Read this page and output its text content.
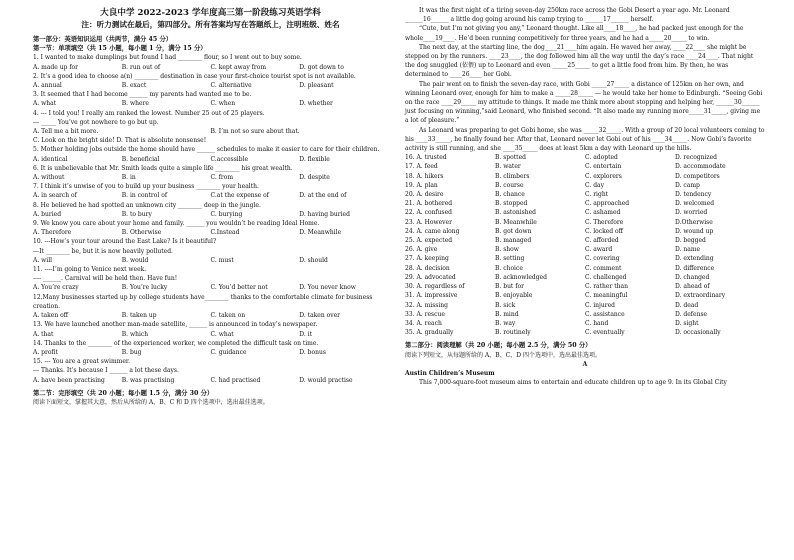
大良中学 2022-2023 学年度高三第一阶段练习英语学科
注：听力测试在最后，第四部分。所有答案均写在答题纸上，注明班级、姓名
第一部分：英语知识运用（共两节，满分 45 分）
第一节：单项填空（共 15 小题，每小题 1 分，满分 15 分）
1. I wanted to make dumplings but found I had ________ flour, so I went out to buy some.
A. made up for	B. run out of	C. kept away from	D. got down to
2. It’s a good idea to choose a(n) ________ destination in case your first-choice tourist spot is not available.
A. annual	B. exact	C. alternative	D. pleasant
3. It seemed that I had become ______ my parents had wanted me to be.
A. what	B. where	C. when	D. whether
4. --- I told you! I really am ranked the lowest. Number 25 out of 25 players.
--- _____ You’ve got nowhere to go but up.
A. Tell me a bit more.	B. I’m not so sure about that.
C. Look on the bright side! D. That is absolute nonsense!
5. Mother holding jobs outside the home should have ______ schedules to make it easier to care for their children.
A. identical	B. beneficial	C.accessible	D. flexible
6. It is unbelievable that Mr. Smith leads quite a simple life ________ his great wealth.
A. without	B. in	C. from	D. despite
7. I think it’s unwise of you to build up your business ________ your health.
A. in search of	B. in control of	C.at the expense of	D. at the end of
8. He believed he had spotted an unknown city ________ deep in the jungle.
A. buried	B. to bury	C. burying	D. having buried
9. We know you care about your home and family. ______ you wouldn’t be reading Ideal Home.
A. Therefore	B. Otherwise	C.Instead	D. Meanwhile
10. ---How’s your tour around the East Lake? Is it beautiful?
---It ________ be, but it is now heavily polluted.
A. will	B. would	C. must	D. should
11. ----I’m going to Venice next week.
---- ______. Carnival will be held then. Have fun!
A. You’re crazy	B. You’re lucky	C. You’d better not	D. You never know
12.Many businesses started up by college students have________ thanks to the comfortable climate for business creation.
A. taken off	B. taken up	C. taken on	D. taken over
13. We have launched another man-made satellite, ______ is announced in today’s newspaper.
A. that	B. which	C. what	D. it
14. Thanks to the ________ of the experienced worker, we completed the difficult task on time.
A. profit	B. bug	C. guidance	D. bonus
15. --- You are a great swimmer.
--- Thanks. It’s because I ______ a lot these days.
A. have been practising	B. was practising	C. had practised	D. would practise
第二节：完形填空（共 20 小题；每小题 1.5 分，满分 30 分）
阅读下面短文，掌握其大意，然后从所给的 A、B、C 和 D 四个选项中，选出最佳选项。
It was the first night of a tiring seven-day 250km race across the Gobi Desert a year ago. Mr. Leonard ______16______ a little dog going around his camp trying to ______17______ herself.
“Cute, but I’m not giving you any,” Leonard thought. Like all____18____, he had packed just enough for the whole____19____. He’d been running competitively for three years, and he had a_____20_____ to win.
The next day, at the starting line, the dog____21____him again. He waved her away, ____22____ she might be stepped on by the runners. ____23____, the dog followed him all the way until the day’s race ____24____. That night the dog snuggled (依偎) up to Leonard and even _____25_____ to get a little food from him. By then, he was determined to ____26____ her Gobi.
The pair went on to finish the seven-day race, with Gobi _____27_____ a distance of 125km on her own, and winning Leonard over, enough for him to make a _____28_____ — he would take her home to Edinburgh. “Seeing Gobi on the race ____29_____ my attitude to things. It made me think more about stopping and helping her, ______30______ just focusing on winning,”said Leonard, who finished second. “It also made my running more_____31_____, giving me a lot of pleasure.”
As Leonard was preparing to get Gobi home, she was _____32_____. With a group of 20 local volunteers coming to his ____33_____, he finally found her. After that, Leonard never let Gobi out of his ____34_____. Now Gobi’s favorite activity is still running, and she ____35_____ does at least 5km a day with Leonard up the hills.
16. A. trusted	B. spotted	C. adopted	D. recognized
17. A. feed	B. water	C. entertain	D. accommodate
18. A. hikers	B. climbers	C. explorers	D. competitors
19. A. plan	B. course	C. day	D. camp
20. A. desire	B. chance	C. right	D. tendency
21. A. bothered	B. stopped	C. approached	D. welcomed
22. A. confused	B. astonished	C. ashamed	D. worried
23. A. However	B. Meanwhile	C. Therefore	D.Otherwise
24. A. came along	B. got down	C. locked off	D. wound up
25. A. expected	B. managed	C. afforded	D. begged
26. A. give	B. show	C. award	D. name
27. A. keeping	B. setting	C. covering	D. extending
28. A. decision	B. choice	C. comment	D. difference
29. A. advocated	B. acknowledged	C. challenged	D. changed
30. A. regardless of	B. but for	C. rather than	D. ahead of
31. A. impressive	B. enjoyable	C. meaningful	D. extraordinary
32. A. missing	B. sick	C. injured	D. dead
33. A. rescue	B. mind	C. assistance	D. defense
34. A. reach	B. way	C. hand	D. sight
35. A. gradually	B. routinely	C. eventually	D. occasionally
第二部分：阅读理解（共 20 小题；每小题 2.5 分，满分 50 分）
阅读下列短文，从每题所给的 A、B、C、D 四个选项中，选出最佳选项。
A
Austin Children’s Museum
This 7,000-square-foot museum aims to entertain and educate children up to age 9. In its Global City
